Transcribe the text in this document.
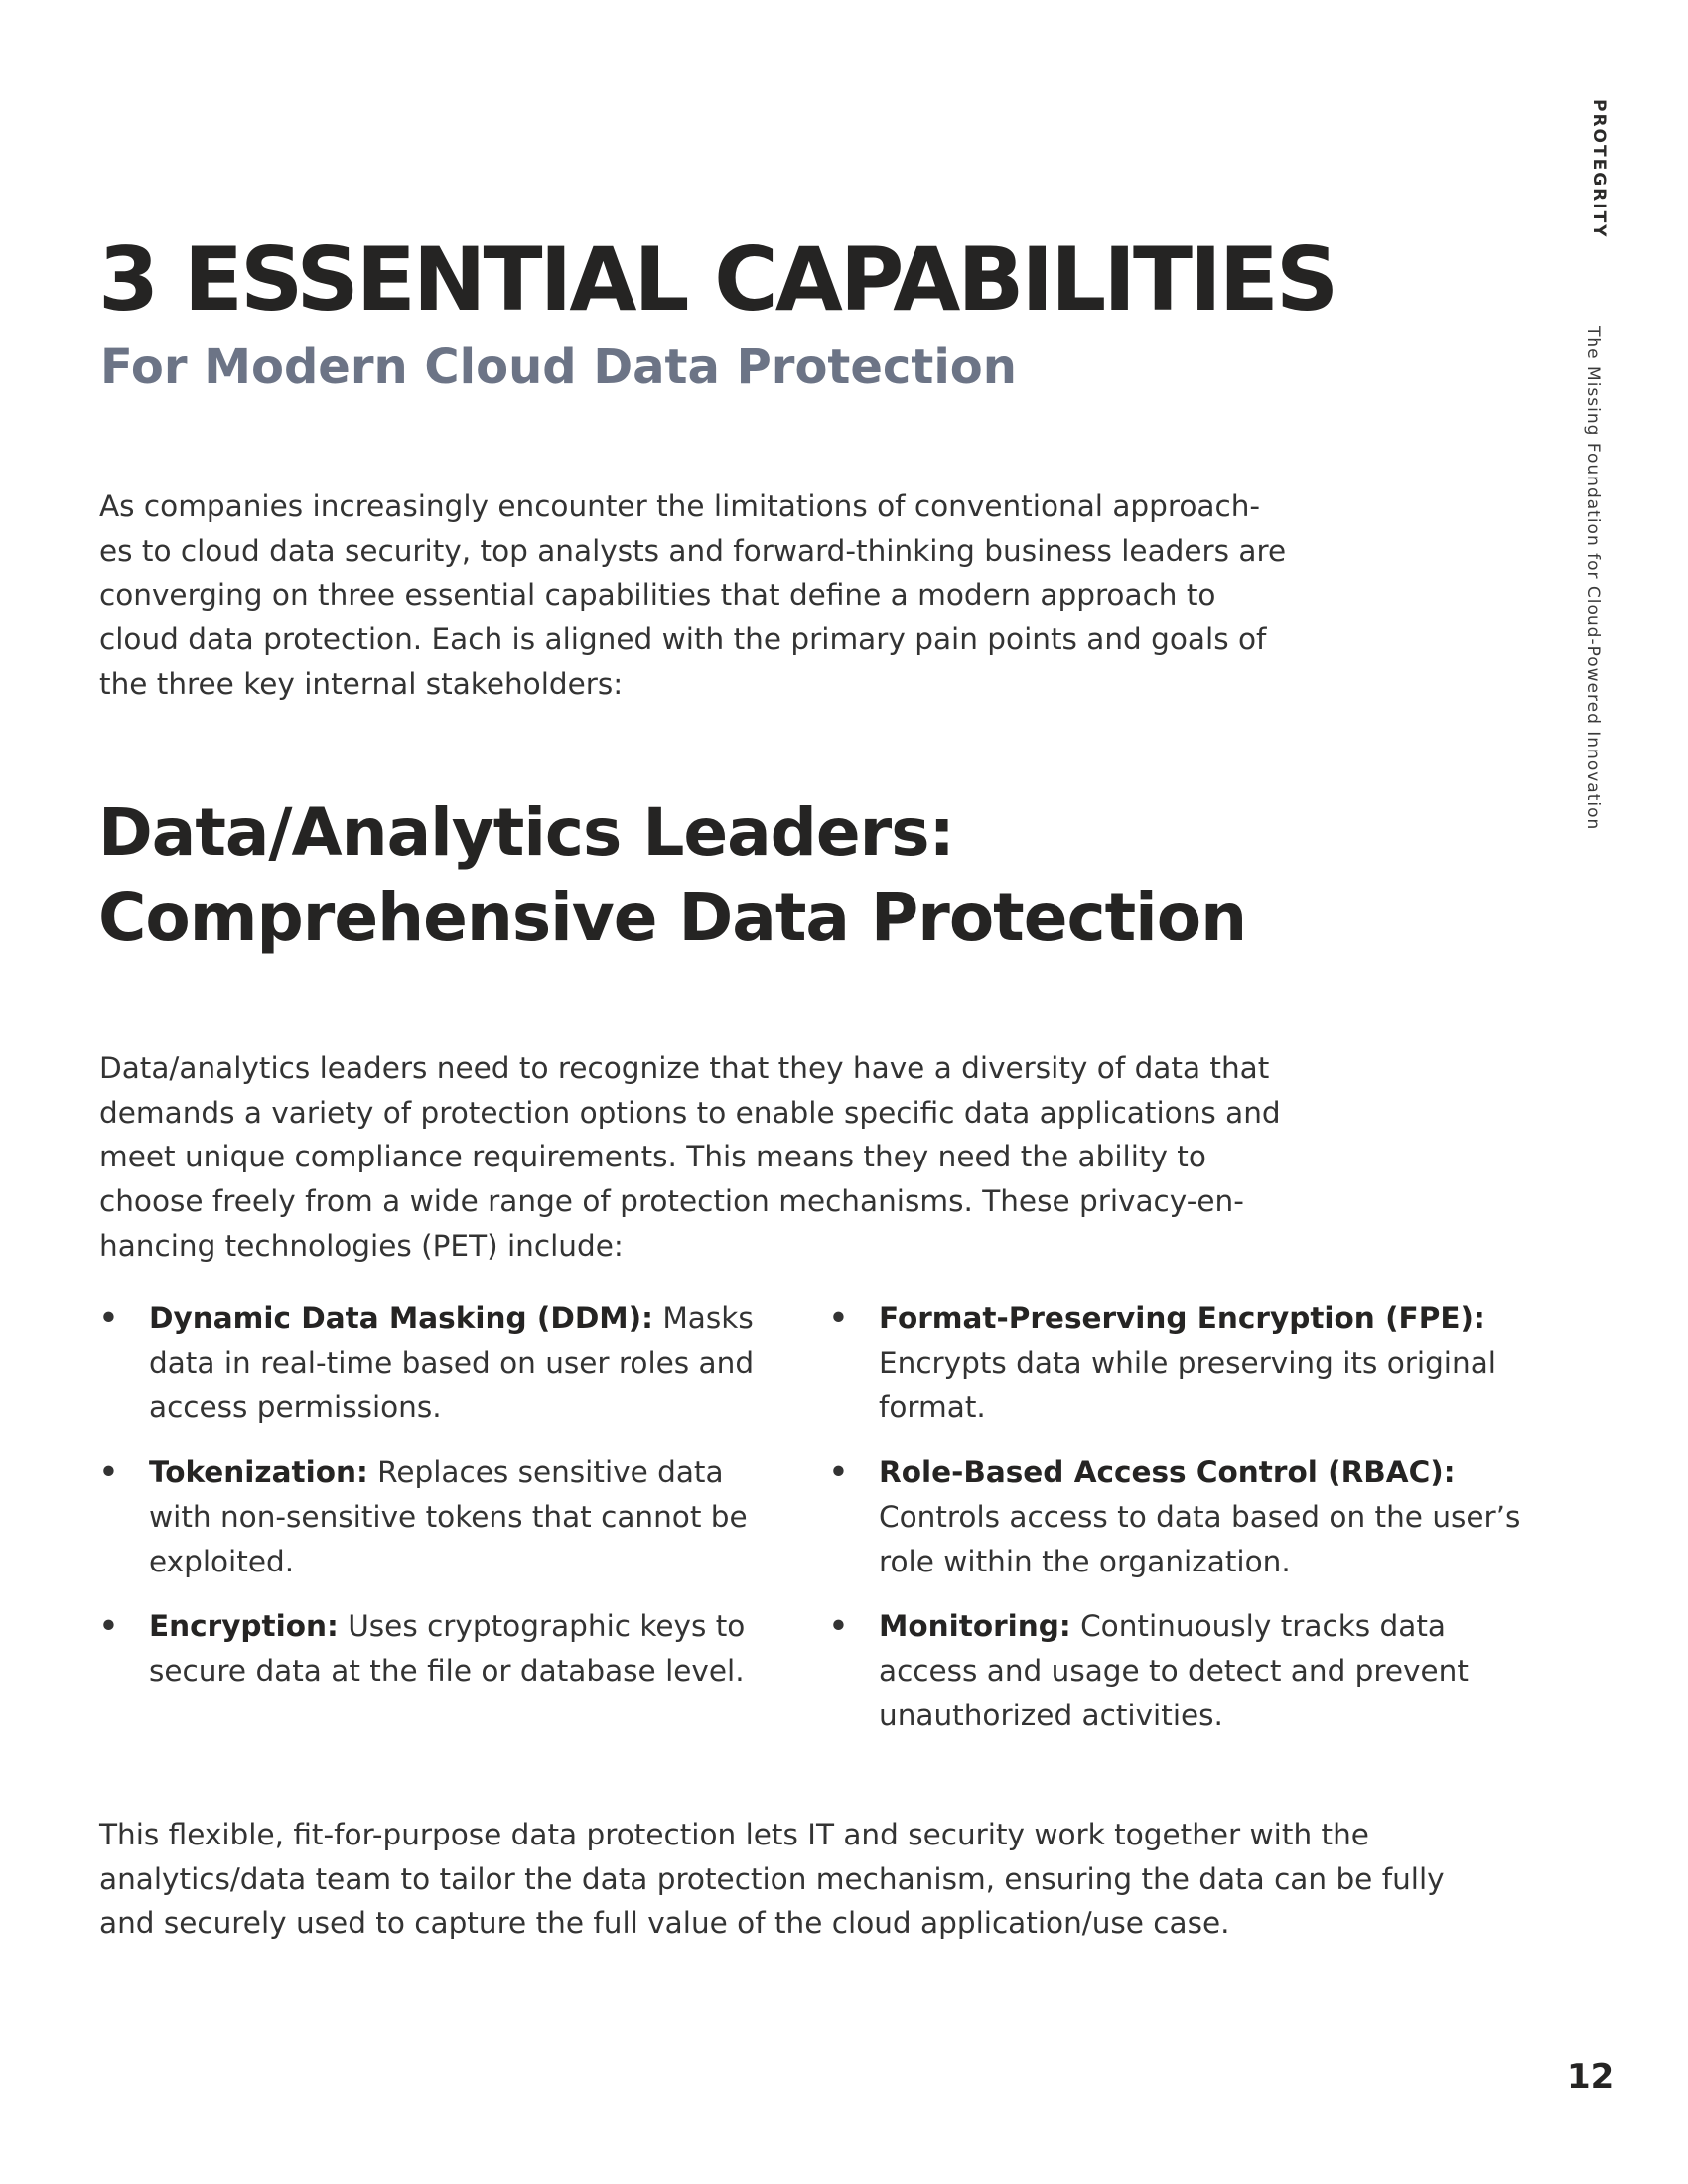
PROTEGRITY
The Missing Foundation for Cloud-Powered Innovation
3 ESSENTIAL CAPABILITIES
For Modern Cloud Data Protection

As companies increasingly encounter the limitations of conventional approach- es to cloud data security, top analysts and forward-thinking business leaders are converging on three essential capabilities that define a modern approach to cloud data protection. Each is aligned with the primary pain points and goals of the three key internal stakeholders:

Data/Analytics Leaders:
Comprehensive Data Protection

Data/analytics leaders need to recognize that they have a diversity of data that demands a variety of protection options to enable specific data applications and meet unique compliance requirements. This means they need the ability to choose freely from a wide range of protection mechanisms. These privacy-en- hancing technologies (PET) include:

• Dynamic Data Masking (DDM): Masks data in real-time based on user roles and access permissions.
• Tokenization: Replaces sensitive data with non-sensitive tokens that cannot be exploited.
• Encryption: Uses cryptographic keys to secure data at the file or database level.
• Format-Preserving Encryption (FPE): Encrypts data while preserving its original format.
• Role-Based Access Control (RBAC): Controls access to data based on the user’s role within the organization.
• Monitoring: Continuously tracks data access and usage to detect and prevent unauthorized activities.

This flexible, fit-for-purpose data protection lets IT and security work together with the analytics/data team to tailor the data protection mechanism, ensuring the data can be fully and securely used to capture the full value of the cloud application/use case.

12
